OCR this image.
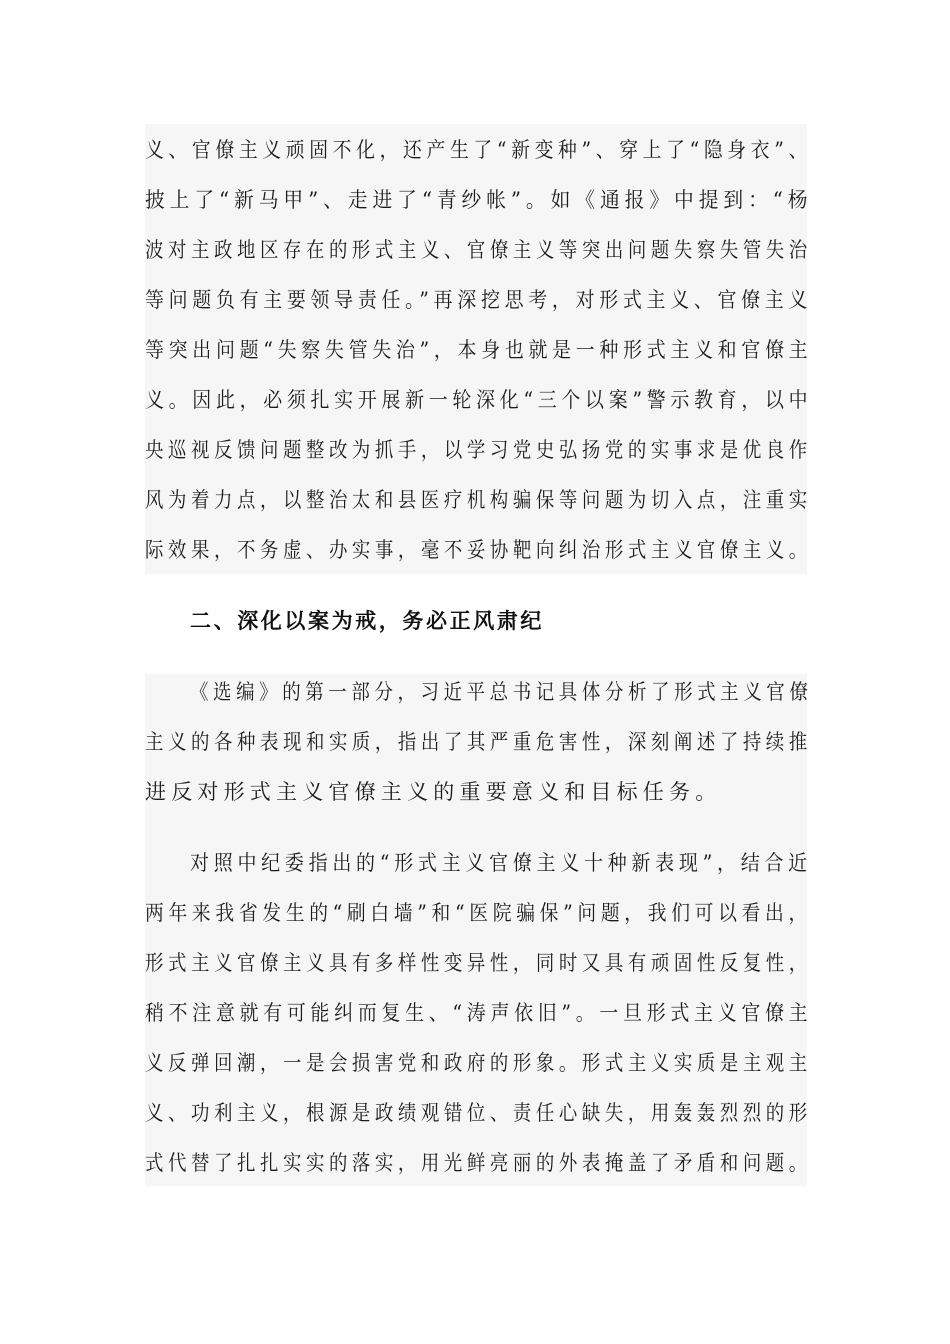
义、官僚主义顽固不化，还产生了“新变种”、穿上了“隐身衣”、
披上了“新马甲”、走进了“青纱帐”。如《通报》中提到：“杨
波对主政地区存在的形式主义、官僚主义等突出问题失察失管失治
等问题负有主要领导责任。”再深挖思考，对形式主义、官僚主义
等突出问题“失察失管失治”，本身也就是一种形式主义和官僚主
义。因此，必须扎实开展新一轮深化“三个以案”警示教育，以中
央巡视反馈问题整改为抓手，以学习党史弘扬党的实事求是优良作
风为着力点，以整治太和县医疗机构骗保等问题为切入点，注重实
际效果，不务虚、办实事，毫不妥协靶向纠治形式主义官僚主义。
二、深化以案为戒，务必正风肃纪
《选编》的第一部分，习近平总书记具体分析了形式主义官僚
主义的各种表现和实质，指出了其严重危害性，深刻阐述了持续推
进反对形式主义官僚主义的重要意义和目标任务。
对照中纪委指出的“形式主义官僚主义十种新表现”，结合近
两年来我省发生的“刷白墙”和“医院骗保”问题，我们可以看出，
形式主义官僚主义具有多样性变异性，同时又具有顽固性反复性，
稍不注意就有可能纠而复生、“涛声依旧”。一旦形式主义官僚主
义反弹回潮，一是会损害党和政府的形象。形式主义实质是主观主
义、功利主义，根源是政绩观错位、责任心缺失，用轰轰烈烈的形
式代替了扎扎实实的落实，用光鲜亮丽的外表掩盖了矛盾和问题。
